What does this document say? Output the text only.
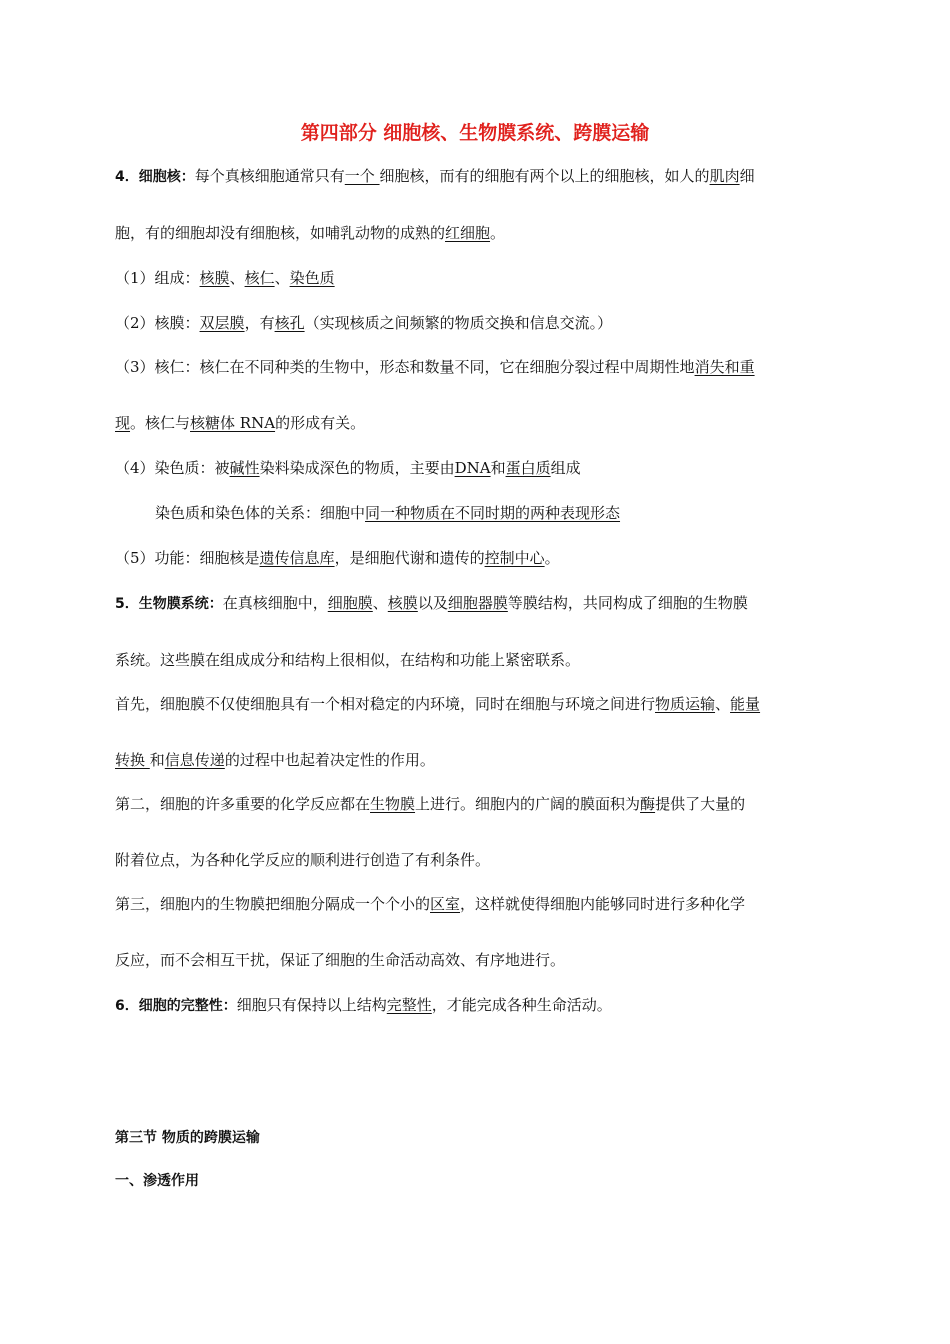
第四部分 细胞核、生物膜系统、跨膜运输
4．细胞核：每个真核细胞通常只有一个 细胞核，而有的细胞有两个以上的细胞核，如人的肌肉细
胞，有的细胞却没有细胞核，如哺乳动物的成熟的红细胞。
（1）组成：核膜、核仁、染色质
（2）核膜：双层膜，有核孔（实现核质之间频繁的物质交换和信息交流。）
（3）核仁：核仁在不同种类的生物中，形态和数量不同，它在细胞分裂过程中周期性地消失和重
现。核仁与核糖体 RNA的形成有关。
（4）染色质：被碱性染料染成深色的物质，主要由DNA和蛋白质组成
染色质和染色体的关系：细胞中同一种物质在不同时期的两种表现形态
（5）功能：细胞核是遗传信息库，是细胞代谢和遗传的控制中心。
5．生物膜系统：在真核细胞中，细胞膜、核膜以及细胞器膜等膜结构，共同构成了细胞的生物膜
系统。这些膜在组成成分和结构上很相似，在结构和功能上紧密联系。
首先，细胞膜不仅使细胞具有一个相对稳定的内环境，同时在细胞与环境之间进行物质运输、能量
转换 和信息传递的过程中也起着决定性的作用。
第二，细胞的许多重要的化学反应都在生物膜上进行。细胞内的广阔的膜面积为酶提供了大量的
附着位点，为各种化学反应的顺利进行创造了有利条件。
第三，细胞内的生物膜把细胞分隔成一个个小的区室，这样就使得细胞内能够同时进行多种化学
反应，而不会相互干扰，保证了细胞的生命活动高效、有序地进行。
6．细胞的完整性：细胞只有保持以上结构完整性，才能完成各种生命活动。
第三节 物质的跨膜运输
一、渗透作用
